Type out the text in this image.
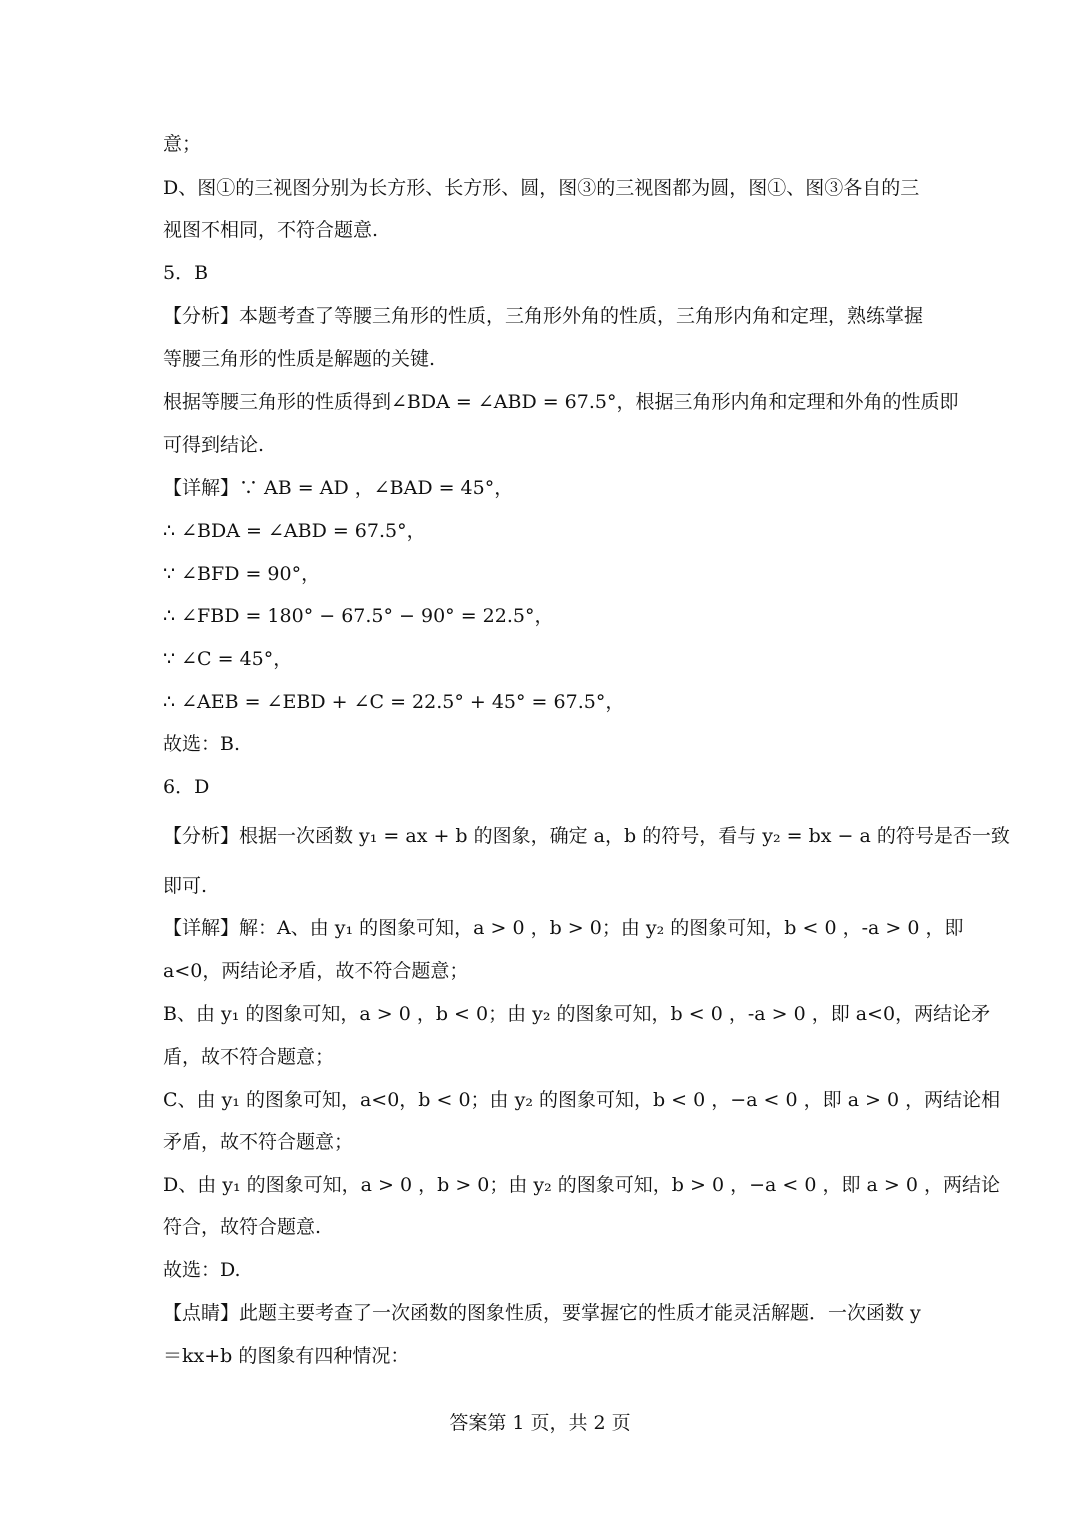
意；
D、图①的三视图分别为长方形、长方形、圆，图③的三视图都为圆，图①、图③各自的三
视图不相同，不符合题意.
5．B
【分析】本题考查了等腰三角形的性质，三角形外角的性质，三角形内角和定理，熟练掌握
等腰三角形的性质是解题的关键.
根据等腰三角形的性质得到∠BDA = ∠ABD = 67.5°，根据三角形内角和定理和外角的性质即
可得到结论.
【详解】∵ AB = AD ，∠BAD = 45°，
∴ ∠BDA = ∠ABD = 67.5°，
∵ ∠BFD = 90°，
∴ ∠FBD = 180° − 67.5° − 90° = 22.5°，
∵ ∠C = 45°，
∴ ∠AEB = ∠EBD + ∠C = 22.5° + 45° = 67.5°，
故选：B.
6．D
【分析】根据一次函数 y₁ = ax + b 的图象，确定 a，b 的符号，看与 y₂ = bx − a 的符号是否一致
即可.
【详解】解：A、由 y₁ 的图象可知，a > 0 ，b > 0；由 y₂ 的图象可知，b < 0 ，-a > 0 ，即
a<0，两结论矛盾，故不符合题意；
B、由 y₁ 的图象可知，a > 0 ，b < 0；由 y₂ 的图象可知，b < 0 ，-a > 0 ，即 a<0，两结论矛
盾，故不符合题意；
C、由 y₁ 的图象可知，a<0，b < 0；由 y₂ 的图象可知，b < 0 ，−a < 0 ，即 a > 0 ，两结论相
矛盾，故不符合题意；
D、由 y₁ 的图象可知，a > 0 ，b > 0；由 y₂ 的图象可知，b > 0 ，−a < 0 ，即 a > 0 ，两结论
符合，故符合题意.
故选：D.
【点睛】此题主要考查了一次函数的图象性质，要掌握它的性质才能灵活解题．一次函数 y
＝kx+b 的图象有四种情况：
答案第 1 页，共 2 页
